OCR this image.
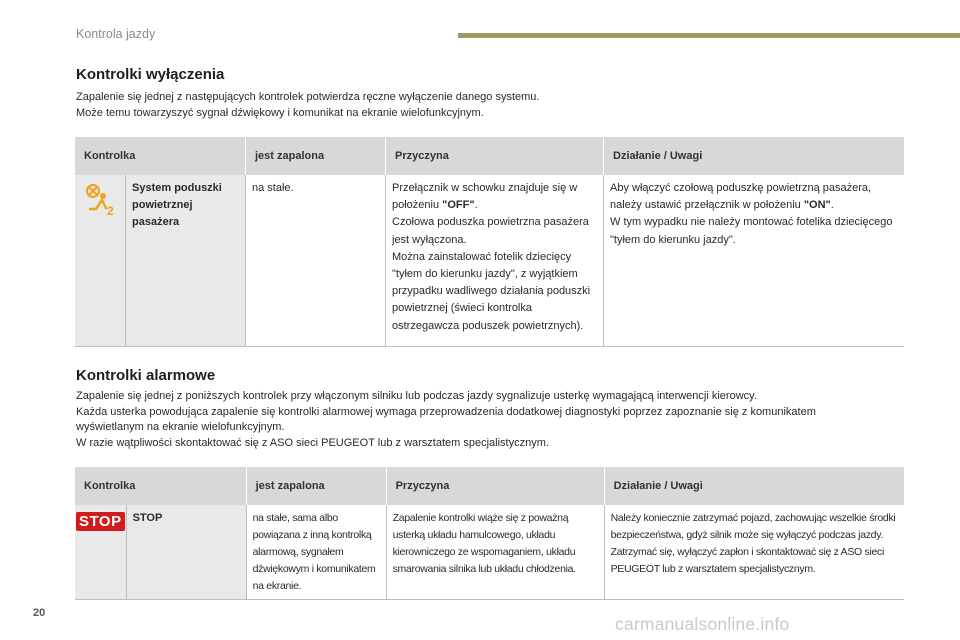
Kontrola jazdy
Kontrolki wyłączenia

Zapalenie się jednej z następujących kontrolek potwierdza ręczne wyłączenie danego systemu.

Może temu towarzyszyć sygnał dźwiękowy i komunikat na ekranie wielofunkcyjnym.

Kontrolka		jest zapalona	Przyczyna	Działanie / Uwagi

2	System poduszki powietrznej pasażera	na stałe.	Przełącznik w schowku znajduje się w położeniu "OFF".
Czołowa poduszka powietrzna pasażera jest wyłączona.
Można zainstalować fotelik dziecięcy "tyłem do kierunku jazdy", z wyjątkiem przypadku wadliwego działania poduszki powietrznej (świeci kontrolka ostrzegawcza poduszek powietrznych).	Aby włączyć czołową poduszkę powietrzną pasażera, należy ustawić przełącznik w położeniu "ON".
W tym wypadku nie należy montować fotelika dziecięcego "tyłem do kierunku jazdy".
Kontrolki alarmowe

Zapalenie się jednej z poniższych kontrolek przy włączonym silniku lub podczas jazdy sygnalizuje usterkę wymagającą interwencji kierowcy.

Każda usterka powodująca zapalenie się kontrolki alarmowej wymaga przeprowadzenia dodatkowej diagnostyki poprzez zapoznanie się z komunikatem wyświetlanym na ekranie wielofunkcyjnym.

W razie wątpliwości skontaktować się z ASO sieci PEUGEOT lub z warsztatem specjalistycznym.

Kontrolka		jest zapalona	Przyczyna	Działanie / Uwagi
STOP	STOP	na stałe, sama albo powiązana z inną kontrolką alarmową, sygnałem dźwiękowym i komunikatem na ekranie.	Zapalenie kontrolki wiąże się z poważną usterką układu hamulcowego, układu kierowniczego ze wspomaganiem, układu smarowania silnika lub układu chłodzenia.	Należy koniecznie zatrzymać pojazd, zachowując wszelkie środki bezpieczeństwa, gdyż silnik może się wyłączyć podczas jazdy.
Zatrzymać się, wyłączyć zapłon i skontaktować się z ASO sieci PEUGEOT lub z warsztatem specjalistycznym.
20
carmanualsonline.info
